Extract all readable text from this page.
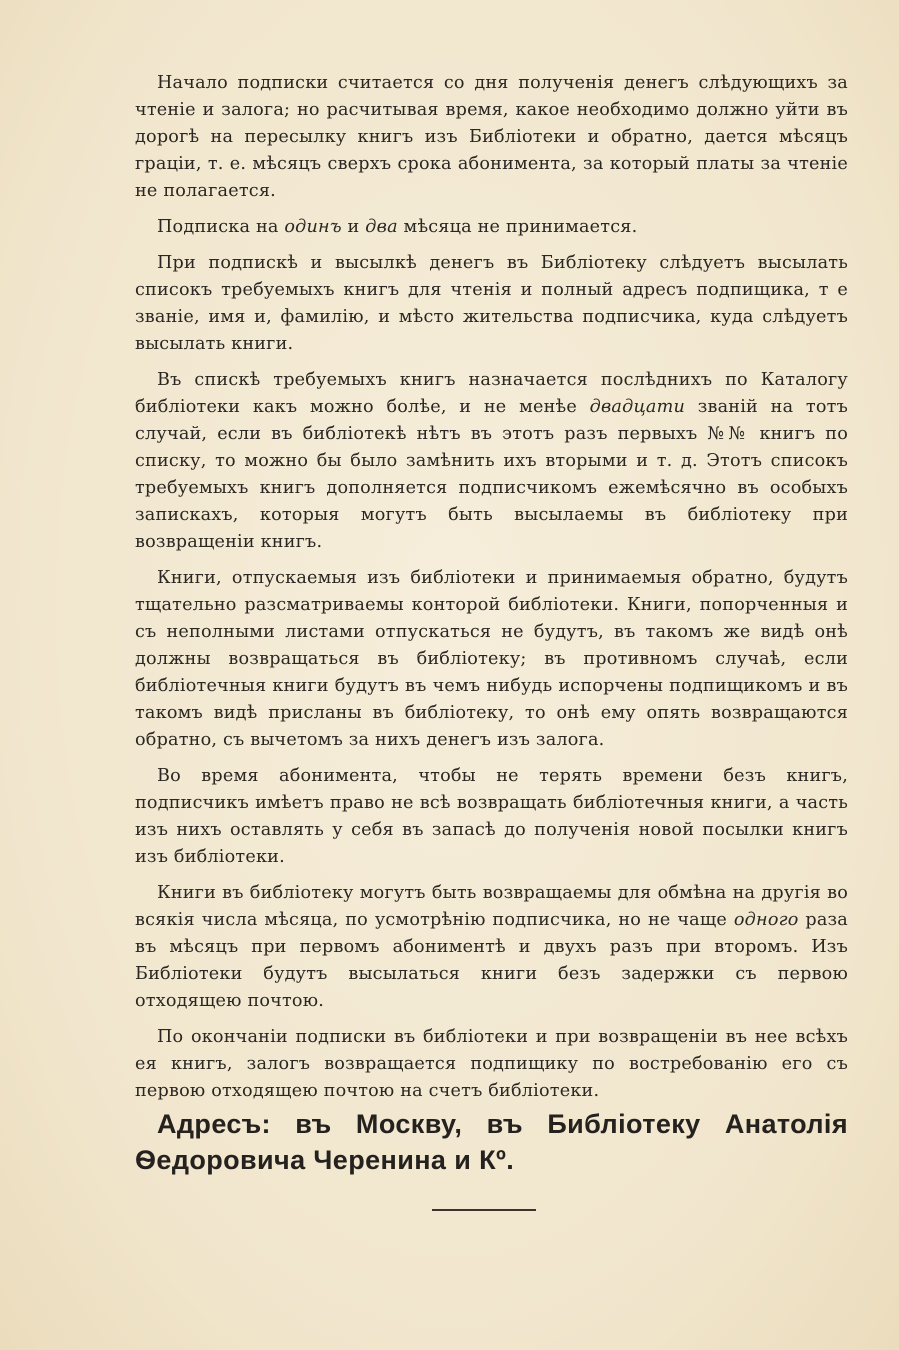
Начало подписки считается со дня полученія денегъ слѣдующихъ за чтеніе и залога; но расчитывая время, какое необходимо должно уйти въ дорогѣ на пересылку книгъ изъ Библіотеки и обратно, дается мѣсяцъ граціи, т. е. мѣсяцъ сверхъ срока абонимента, за который платы за чтеніе не полагается.

Подписка на одинъ и два мѣсяца не принимается.

При подпискѣ и высылкѣ денегъ въ Библіотеку слѣдуетъ высылать списокъ требуемыхъ книгъ для чтенія и полный адресъ подпищика, т е званіе, имя и, фамилію, и мѣсто жительства подписчика, куда слѣдуетъ высылать книги.

Въ спискѣ требуемыхъ книгъ назначается послѣднихъ по Каталогу библіотеки какъ можно болѣе, и не менѣе двадцати званій на тотъ случай, если въ библіотекѣ нѣтъ въ этотъ разъ первыхъ №№ книгъ по списку, то можно бы было замѣнить ихъ вторыми и т. д. Этотъ списокъ требуемыхъ книгъ дополняется подписчикомъ ежемѣсячно въ особыхъ запискахъ, которыя могутъ быть высылаемы въ библіотеку при возвращеніи книгъ.

Книги, отпускаемыя изъ библіотеки и принимаемыя обратно, будутъ тщательно разсматриваемы конторой библіотеки. Книги, попорченныя и съ неполными листами отпускаться не будутъ, въ такомъ же видѣ онѣ должны возвращаться въ библіотеку; въ противномъ случаѣ, если библіотечныя книги будутъ въ чемъ нибудь испорчены подпищикомъ и въ такомъ видѣ присланы въ библіотеку, то онѣ ему опять возвращаются обратно, съ вычетомъ за нихъ денегъ изъ залога.

Во время абонимента, чтобы не терять времени безъ книгъ, подписчикъ имѣетъ право не всѣ возвращать библіотечныя книги, а часть изъ нихъ оставлять у себя въ запасѣ до полученія новой посылки книгъ изъ библіотеки.

Книги въ библіотеку могутъ быть возвращаемы для обмѣна на другія во всякія числа мѣсяца, по усмотрѣнію подписчика, но не чаще одного раза въ мѣсяцъ при первомъ абониментѣ и двухъ разъ при второмъ. Изъ Библіотеки будутъ высылаться книги безъ задержки съ первою отходящею почтою.

По окончаніи подписки въ библіотеки и при возвращеніи въ нее всѣхъ ея книгъ, залогъ возвращается подпищику по востребованію его съ первою отходящею почтою на счетъ библіотеки.

Адресъ: въ Москву, въ Библіотеку Анатолія Ѳедоровича Черенина и Кº.
